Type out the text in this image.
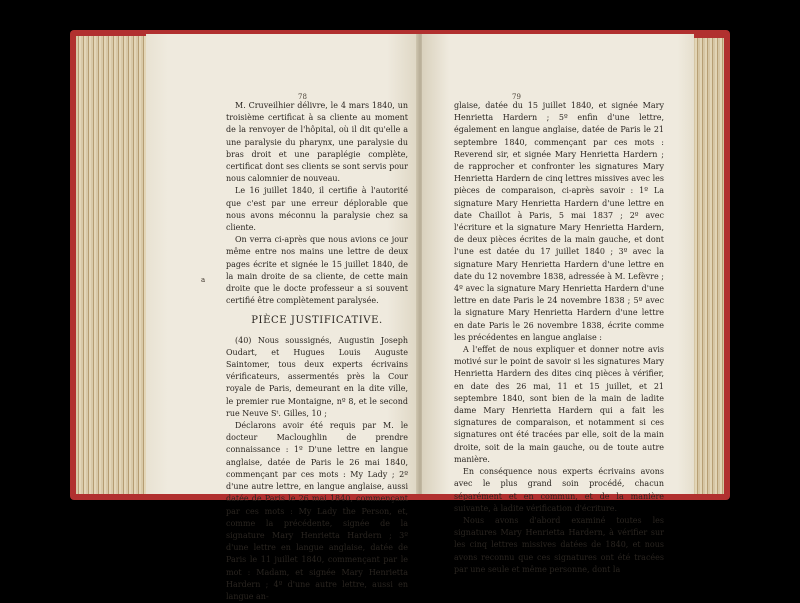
78

M. Cruveilhier délivre, le 4 mars 1840, un troisième certificat à sa cliente au moment de la renvoyer de l'hôpital, où il dit qu'elle a une paralysie du pharynx, une paralysie du bras droit et une paraplégie complète, certificat dont ses clients se sont servis pour nous calomnier de nouveau.

Le 16 juillet 1840, il certifie à l'autorité que c'est par une erreur déplorable que nous avons méconnu la paralysie chez sa cliente.

On verra ci-après que nous avions ce jour même entre nos mains une lettre de deux pages écrite et signée le 15 juillet 1840, de la main droite de sa cliente, de cette main droite que le docte professeur a si souvent certifié être complètement paralysée.

PIÈCE JUSTIFICATIVE.

(40) Nous soussignés, Augustin Joseph Oudart, et Hugues Louis Auguste Saintomer, tous deux experts écrivains vérificateurs, assermentés près la Cour royale de Paris, demeurant en la dite ville, le premier rue Montaigne, nº 8, et le second rue Neuve Sᵗ. Gilles, 10 ;

Déclarons avoir été requis par M. le docteur Macloughlin de prendre connaissance : 1º D'une lettre en langue anglaise, datée de Paris le 26 mai 1840, commençant par ces mots : My Lady ; 2º d'une autre lettre, en langue anglaise, aussi datée de Paris le 26 mai 1840, commençant par ces mots : My Lady the Person, et, comme la précédente, signée de la signature Mary Henrietta Hardern ; 3º d'une lettre en langue anglaise, datée de Paris le 11 juillet 1840, commençant par le mot : Madam, et signée Mary Henrietta Hardern ; 4º d'une autre lettre, aussi en langue an-

a
79

glaise, datée du 15 juillet 1840, et signée Mary Henrietta Hardern ; 5º enfin d'une lettre, également en langue anglaise, datée de Paris le 21 septembre 1840, commençant par ces mots : Reverend sir, et signée Mary Henrietta Hardern ; de rapprocher et confronter les signatures Mary Henrietta Hardern de cinq lettres missives avec les pièces de comparaison, ci-après savoir : 1º La signature Mary Henrietta Hardern d'une lettre en date Chaillot à Paris, 5 mai 1837 ; 2º avec l'écriture et la signature Mary Henrietta Hardern, de deux pièces écrites de la main gauche, et dont l'une est datée du 17 juillet 1840 ; 3º avec la signature Mary Henrietta Hardern d'une lettre en date du 12 novembre 1838, adressée à M. Lefèvre ; 4º avec la signature Mary Henrietta Hardern d'une lettre en date Paris le 24 novembre 1838 ; 5º avec la signature Mary Henrietta Hardern d'une lettre en date Paris le 26 novembre 1838, écrite comme les précédentes en langue anglaise :

A l'effet de nous expliquer et donner notre avis motivé sur le point de savoir si les signatures Mary Henrietta Hardern des dites cinq pièces à vérifier, en date des 26 mai, 11 et 15 juillet, et 21 septembre 1840, sont bien de la main de ladite dame Mary Henrietta Hardern qui a fait les signatures de comparaison, et notamment si ces signatures ont été tracées par elle, soit de la main droite, soit de la main gauche, ou de toute autre manière.

En conséquence nous experts écrivains avons avec le plus grand soin procédé, chacun séparément et en commun, et de la manière suivante, à ladite vérification d'écriture.

Nous avons d'abord examiné toutes les signatures Mary Henrietta Hardern, à vérifier sur les cinq lettres missives datées de 1840, et nous avons reconnu que ces signatures ont été tracées par une seule et même personne, dont la
